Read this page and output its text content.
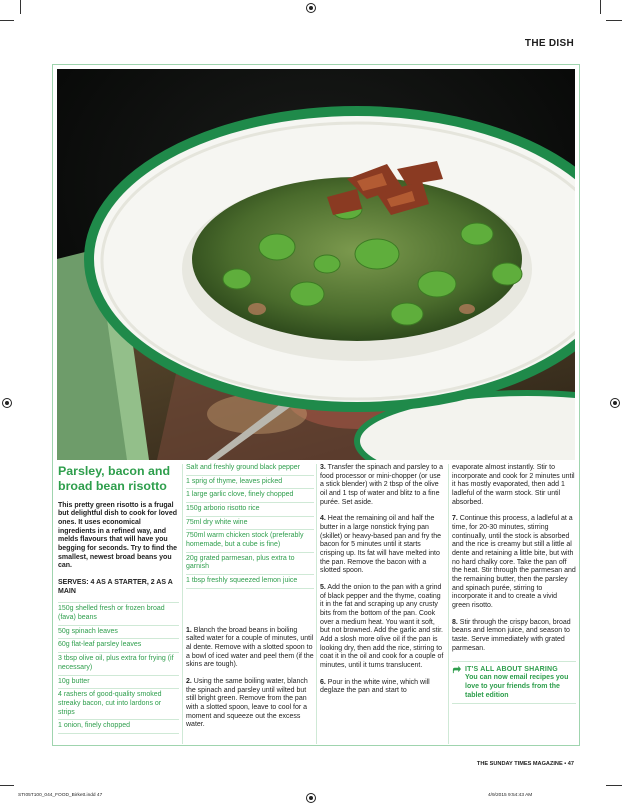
THE DISH
Parsley, bacon and broad bean risotto

This pretty green risotto is a frugal but delightful dish to cook for loved ones. It uses economical ingredients in a refined way, and melds flavours that will have you begging for seconds. Try to find the smallest, newest broad beans you can.

SERVES: 4 AS A STARTER, 2 AS A MAIN

150g shelled fresh or frozen broad (fava) beans
50g spinach leaves
60g flat-leaf parsley leaves
3 tbsp olive oil, plus extra for frying (if necessary)
10g butter
4 rashers of good-quality smoked streaky bacon, cut into lardons or strips
1 onion, finely chopped
Salt and freshly ground black pepper
1 sprig of thyme, leaves picked
1 large garlic clove, finely chopped
150g arborio risotto rice
75ml dry white wine
750ml warm chicken stock (preferably homemade, but a cube is fine)
20g grated parmesan, plus extra to garnish
1 tbsp freshly squeezed lemon juice

1. Blanch the broad beans in boiling salted water for a couple of minutes, until al dente. Remove with a slotted spoon to a bowl of iced water and peel them (if the skins are tough).

2. Using the same boiling water, blanch the spinach and parsley until wilted but still bright green. Remove from the pan with a slotted spoon, leave to cool for a moment and squeeze out the excess water.

3. Transfer the spinach and parsley to a food processor or mini-chopper (or use a stick blender) with 2 tbsp of the olive oil and 1 tsp of water and blitz to a fine purée. Set aside.

4. Heat the remaining oil and half the butter in a large nonstick frying pan (skillet) or heavy-based pan and fry the bacon for 5 minutes until it starts crisping up. Its fat will have melted into the pan. Remove the bacon with a slotted spoon.

5. Add the onion to the pan with a grind of black pepper and the thyme, coating it in the fat and scraping up any crusty bits from the bottom of the pan. Cook over a medium heat. You want it soft, but not browned. Add the garlic and stir. Add a slosh more olive oil if the pan is looking dry, then add the rice, stirring to coat it in the oil and cook for a couple of minutes, until it turns translucent.

6. Pour in the white wine, which will deglaze the pan and start to

evaporate almost instantly. Stir to incorporate and cook for 2 minutes until it has mostly evaporated, then add 1 ladleful of the warm stock. Stir until absorbed.

7. Continue this process, a ladleful at a time, for 20-30 minutes, stirring continually, until the stock is absorbed and the rice is creamy but still a little al dente and retaining a little bite, but with no hard chalky core. Take the pan off the heat. Stir through the parmesan and the remaining butter, then the parsley and spinach purée, stirring to incorporate it and to create a vivid green risotto.

8. Stir through the crispy bacon, broad beans and lemon juice, and season to taste. Serve immediately with grated parmesan.

IT'S ALL ABOUT SHARING
You can now email recipes you love to your friends from the tablet edition
THE SUNDAY TIMES MAGAZINE • 47
STI05T100_044_FOOD_Birkett.indd 47	4/9/2015 9:54:43 AM
